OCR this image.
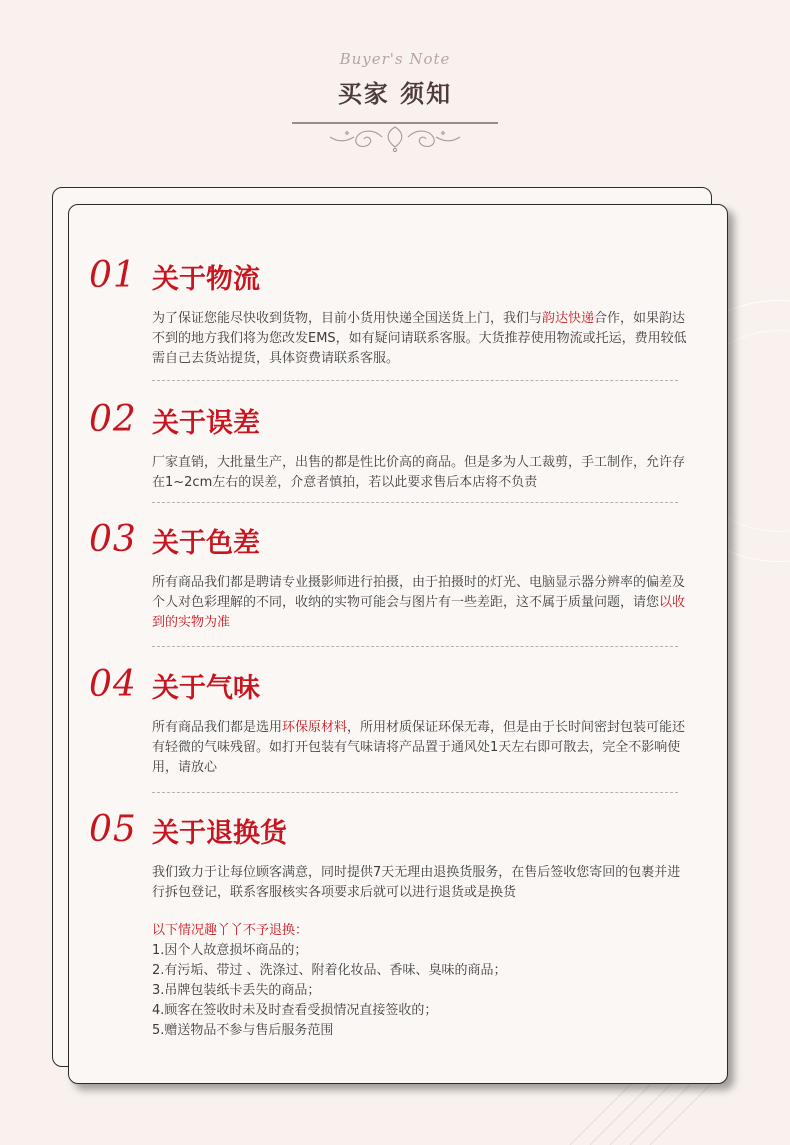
Buyer's Note
买家 须知
01 关于物流
为了保证您能尽快收到货物，目前小货用快递全国送货上门，我们与韵达快递合作，如果韵达不到的地方我们将为您改发EMS，如有疑问请联系客服。大货推荐使用物流或托运，费用较低需自己去货站提货，具体资费请联系客服。
02 关于误差
厂家直销，大批量生产，出售的都是性比价高的商品。但是多为人工裁剪，手工制作，允许存在1~2cm左右的误差，介意者慎拍，若以此要求售后本店将不负责
03 关于色差
所有商品我们都是聘请专业摄影师进行拍摄，由于拍摄时的灯光、电脑显示器分辨率的偏差及个人对色彩理解的不同，收纳的实物可能会与图片有一些差距，这不属于质量问题，请您以收到的实物为准
04 关于气味
所有商品我们都是选用环保原材料，所用材质保证环保无毒，但是由于长时间密封包装可能还有轻微的气味残留。如打开包装有气味请将产品置于通风处1天左右即可散去，完全不影响使用，请放心
05 关于退换货
我们致力于让每位顾客满意，同时提供7天无理由退换货服务，在售后签收您寄回的包裹并进行拆包登记，联系客服核实各项要求后就可以进行退货或是换货
以下情况趣丫丫不予退换：
1.因个人故意损坏商品的；
2.有污垢、带过 、洗涤过、附着化妆品、香味、臭味的商品；
3.吊牌包装纸卡丢失的商品；
4.顾客在签收时未及时查看受损情况直接签收的；
5.赠送物品不参与售后服务范围
